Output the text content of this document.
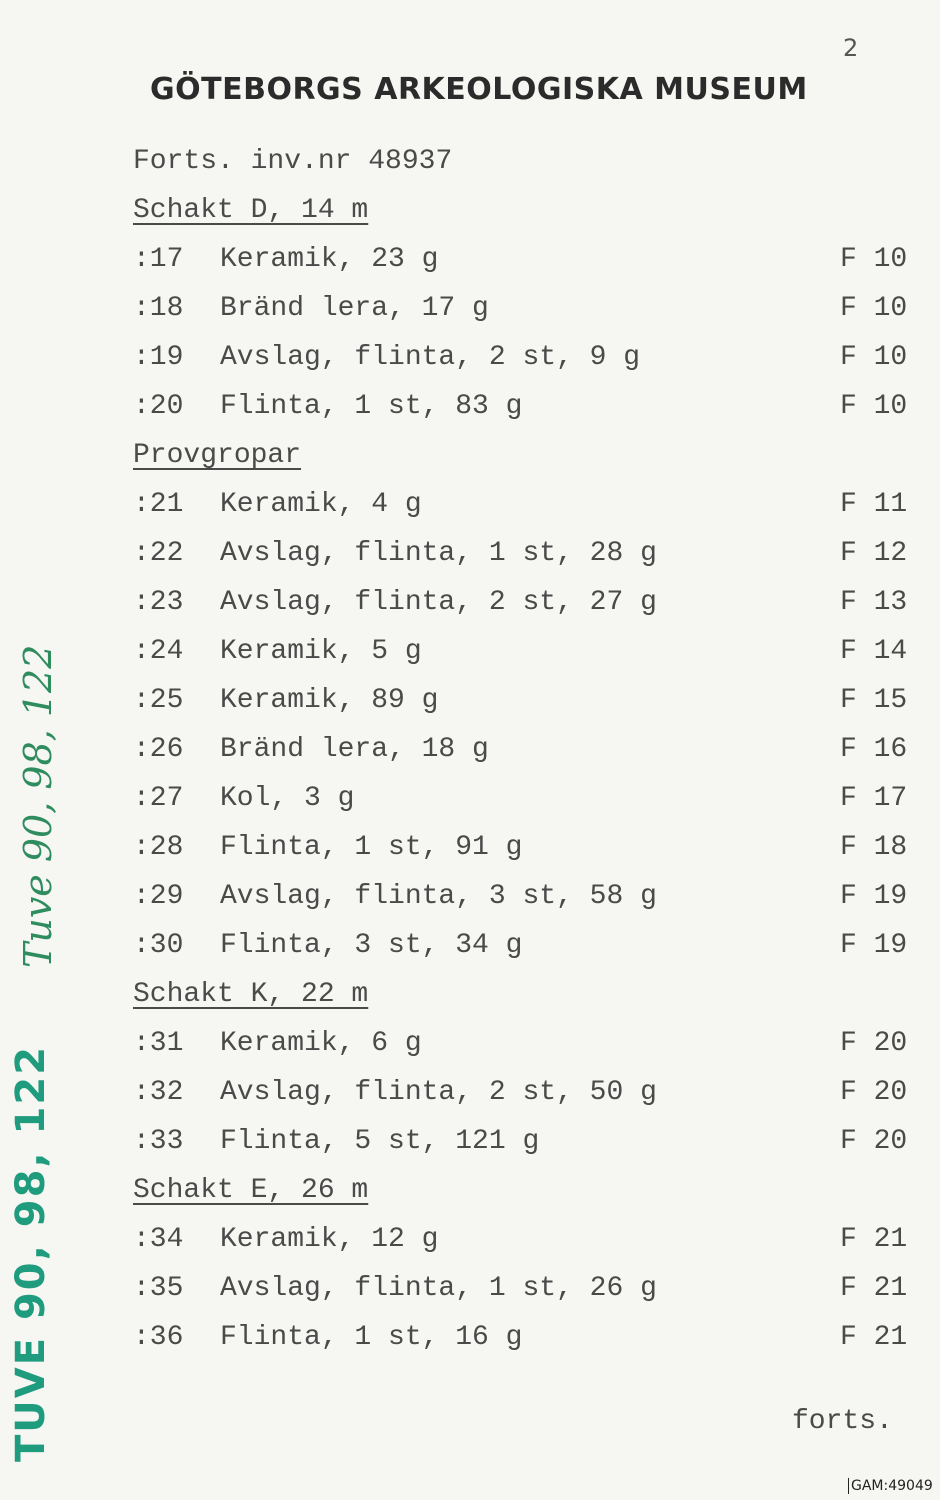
2
GÖTEBORGS ARKEOLOGISKA MUSEUM
Forts. inv.nr 48937
Schakt D, 14 m
:17 Keramik, 23 g	F 10
:18 Bränd lera, 17 g	F 10
:19 Avslag, flinta, 2 st, 9 g	F 10
:20 Flinta, 1 st, 83 g	F 10
Provgropar
:21 Keramik, 4 g	F 11
:22 Avslag, flinta, 1 st, 28 g	F 12
:23 Avslag, flinta, 2 st, 27 g	F 13
:24 Keramik, 5 g	F 14
:25 Keramik, 89 g	F 15
:26 Bränd lera, 18 g	F 16
:27 Kol, 3 g	F 17
:28 Flinta, 1 st, 91 g	F 18
:29 Avslag, flinta, 3 st, 58 g	F 19
:30 Flinta, 3 st, 34 g	F 19
Schakt K, 22 m
:31 Keramik, 6 g	F 20
:32 Avslag, flinta, 2 st, 50 g	F 20
:33 Flinta, 5 st, 121 g	F 20
Schakt E, 26 m
:34 Keramik, 12 g	F 21
:35 Avslag, flinta, 1 st, 26 g	F 21
:36 Flinta, 1 st, 16 g	F 21
forts.
GAM:49049
Tuve 90, 98, 122
TUVE 90, 98, 122
